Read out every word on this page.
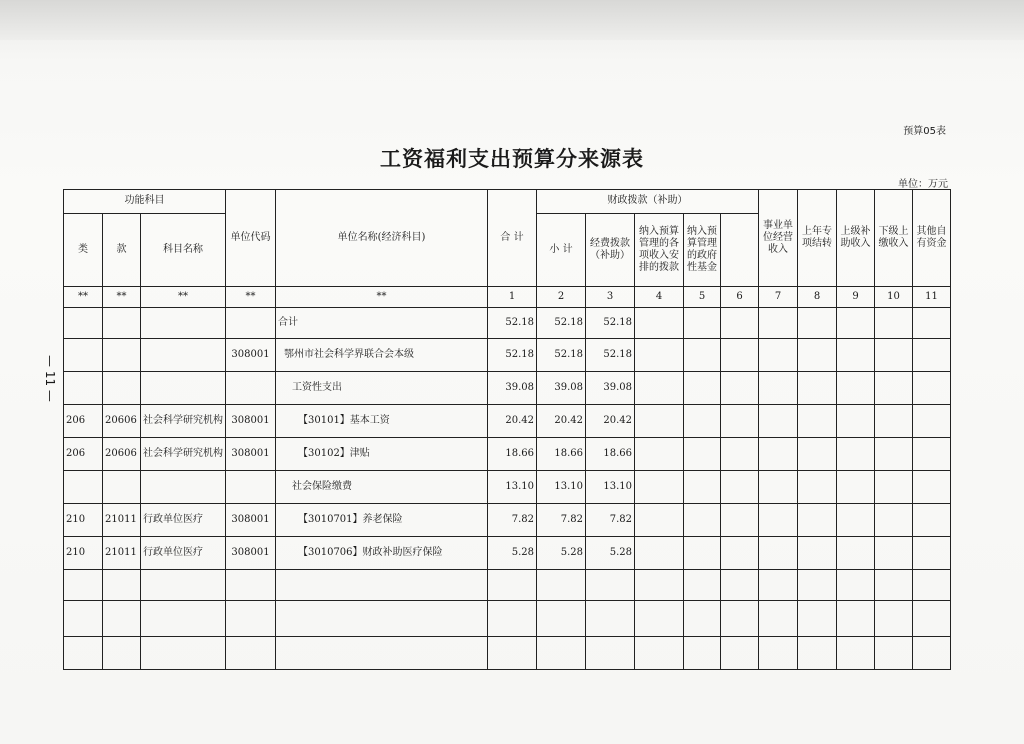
预算05表
工资福利支出预算分来源表
单位：万元
— 11 —
功能科目			单位代码	单位名称(经济科目)	合 计	财政拨款（补助）					事业单位经营收入	上年专项结转	上级补助收入	下级上缴收入	其他自有资金	
类	款	科目名称				小 计	经费拨款（补助）	纳入预算管理的各项收入安排的拨款	纳入预算管理的政府性基金							
**	**	**	**	**	1	2	3	4	5	6	7	8	9	10	11	
				合计	52.18	52.18	52.18									
			308001	鄂州市社会科学界联合会本级	52.18	52.18	52.18									
				工资性支出	39.08	39.08	39.08									
206	20606	社会科学研究机构	308001	【30101】基本工资	20.42	20.42	20.42									
206	20606	社会科学研究机构	308001	【30102】津贴	18.66	18.66	18.66									
				社会保险缴费	13.10	13.10	13.10									
210	21011	行政单位医疗	308001	【3010701】养老保险	7.82	7.82	7.82									
210	21011	行政单位医疗	308001	【3010706】财政补助医疗保险	5.28	5.28	5.28									
